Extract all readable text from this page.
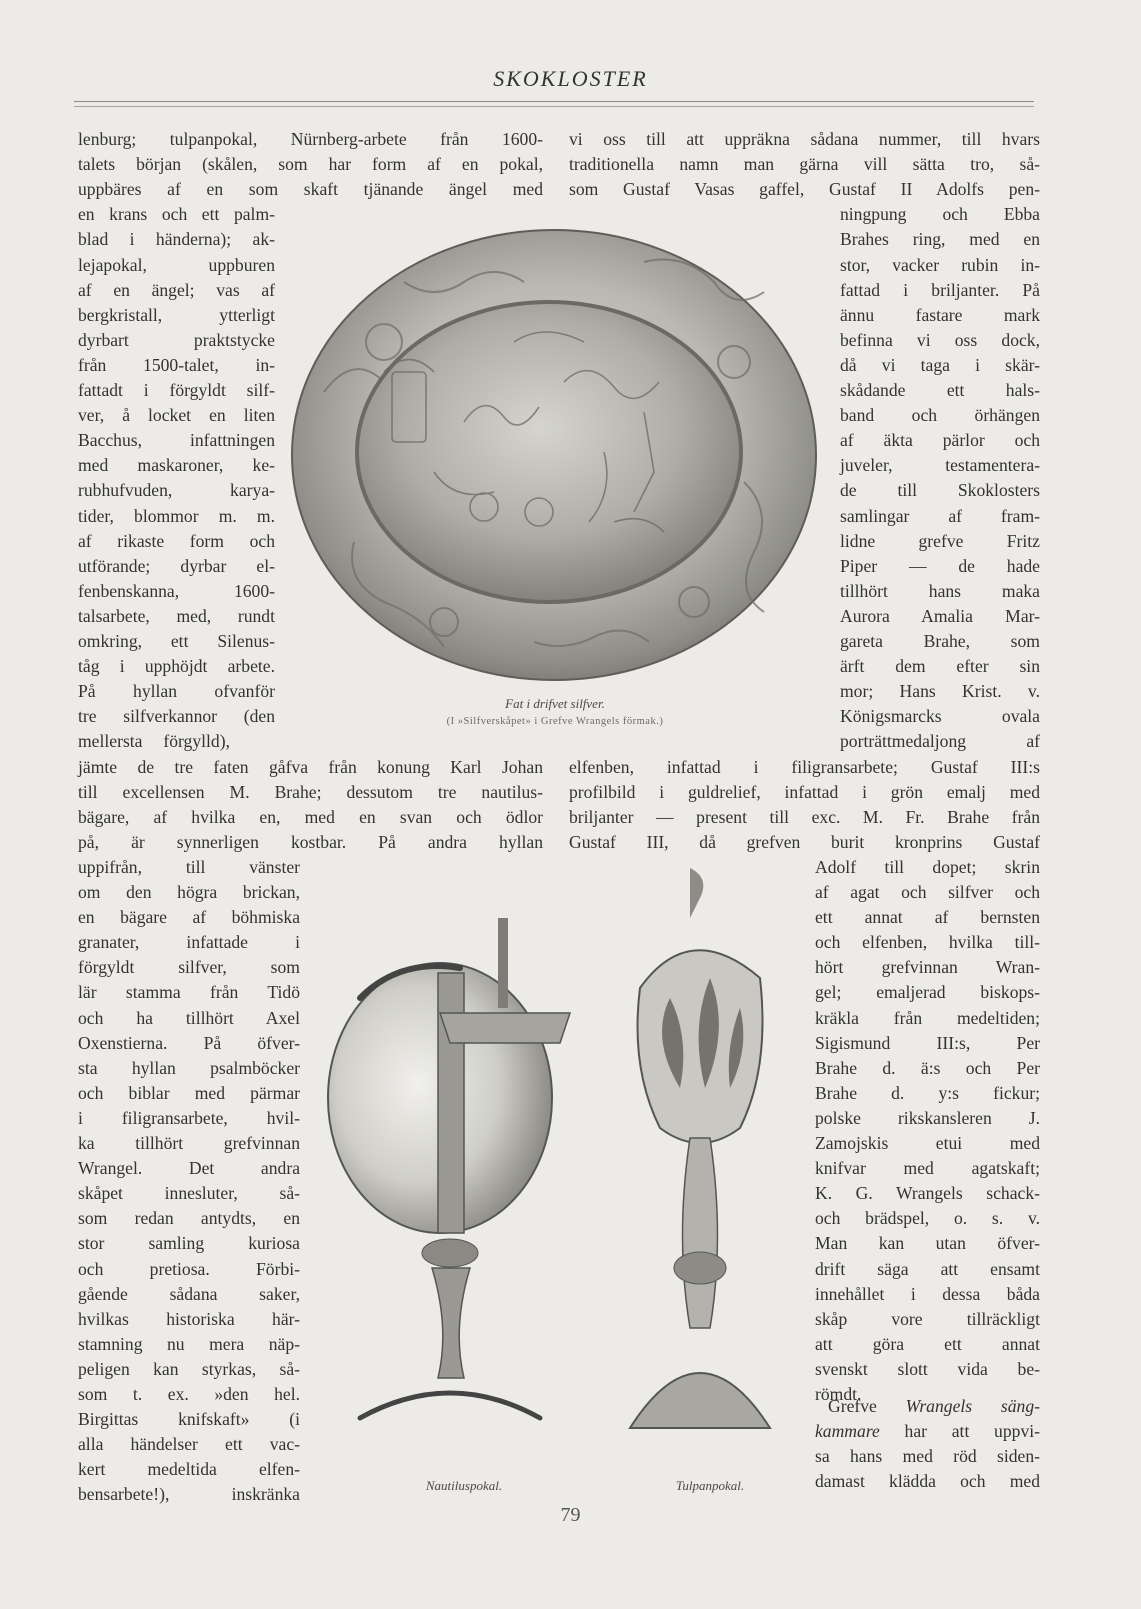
SKOKLOSTER
lenburg; tulpanpokal, Nürnberg-arbete från 1600-
talets början (skålen, som har form af en pokal,
uppbäres af en som skaft tjänande ängel med
en krans och ett palm-
blad i händerna); ak-
lejapokal, uppburen
af en ängel; vas af
bergkristall, ytterligt
dyrbart praktstycke
från 1500-talet, in-
fattadt i förgyldt silf-
ver, å locket en liten
Bacchus, infattningen
med maskaroner, ke-
rubhufvuden, karya-
tider, blommor m. m.
af rikaste form och
utförande; dyrbar el-
fenbenskanna, 1600-
talsarbete, med, rundt
omkring, ett Silenus-
tåg i upphöjdt arbete.
På hyllan ofvanför
tre silfverkannor (den
mellersta förgylld),
jämte de tre faten gåfva från konung Karl Johan
till excellensen M. Brahe; dessutom tre nautilus-
bägare, af hvilka en, med en svan och ödlor
på, är synnerligen kostbar. På andra hyllan
uppifrån, till vänster
om den högra brickan,
en bägare af böhmiska
granater, infattade i
förgyldt silfver, som
lär stamma från Tidö
och ha tillhört Axel
Oxenstierna. På öfver-
sta hyllan psalmböcker
och biblar med pärmar
i filigransarbete, hvil-
ka tillhört grefvinnan
Wrangel. Det andra
skåpet innesluter, så-
som redan antydts, en
stor samling kuriosa
och pretiosa. Förbi-
gående sådana saker,
hvilkas historiska här-
stamning nu mera näp-
peligen kan styrkas, så-
som t. ex. »den hel.
Birgittas knifskaft» (i
alla händelser ett vac-
kert medeltida elfen-
bensarbete!), inskränka
vi oss till att uppräkna sådana nummer, till hvars
traditionella namn man gärna vill sätta tro, så-
som Gustaf Vasas gaffel, Gustaf II Adolfs pen-
ningpung och Ebba
Brahes ring, med en
stor, vacker rubin in-
fattad i briljanter. På
ännu fastare mark
befinna vi oss dock,
då vi taga i skär-
skådande ett hals-
band och örhängen
af äkta pärlor och
juveler, testamentera-
de till Skoklosters
samlingar af fram-
lidne grefve Fritz
Piper — de hade
tillhört hans maka
Aurora Amalia Mar-
gareta Brahe, som
ärft dem efter sin
mor; Hans Krist. v.
Königsmarcks ovala
porträttmedaljong af
elfenben, infattad i filigransarbete; Gustaf III:s
profilbild i guldrelief, infattad i grön emalj med
briljanter — present till exc. M. Fr. Brahe från
Gustaf III, då grefven burit kronprins Gustaf
Adolf till dopet; skrin
af agat och silfver och
ett annat af bernsten
och elfenben, hvilka till-
hört grefvinnan Wran-
gel; emaljerad biskops-
kräkla från medeltiden;
Sigismund III:s, Per
Brahe d. ä:s och Per
Brahe d. y:s fickur;
polske rikskansleren J.
Zamojskis etui med
knifvar med agatskaft;
K. G. Wrangels schack-
och brädspel, o. s. v.
Man kan utan öfver-
drift säga att ensamt
innehållet i dessa båda
skåp vore tillräckligt
att göra ett annat
svenskt slott vida be-
römdt.
Grefve Wrangels säng-
kammare har att uppvi-
sa hans med röd siden-
damast klädda och med
Fat i drifvet silfver.
(I »Silfverskåpet» i Grefve Wrangels förmak.)
Nautiluspokal.	Tulpanpokal.
79
